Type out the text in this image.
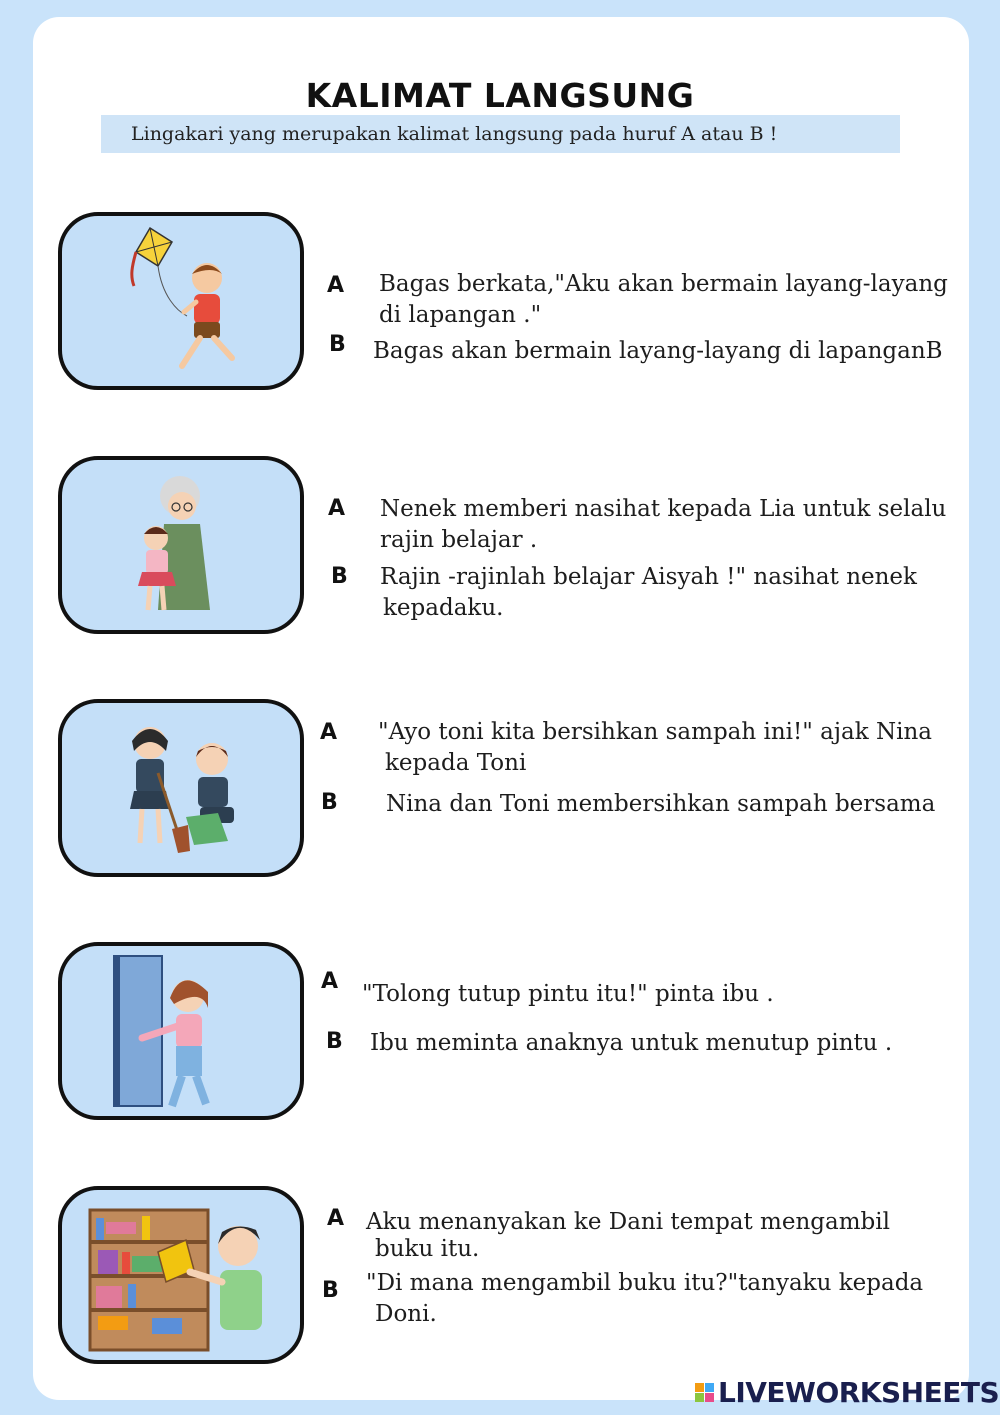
KALIMAT LANGSUNG
Lingakari yang merupakan kalimat langsung pada huruf A atau B !
A Bagas berkata,"Aku akan bermain layang-layang
di lapangan ."
B Bagas akan bermain layang-layang di lapanganB
A Nenek memberi nasihat kepada Lia untuk selalu
rajin belajar .
B Rajin -rajinlah belajar Aisyah !" nasihat nenek
kepadaku.
A "Ayo toni kita bersihkan sampah ini!" ajak Nina
kepada Toni
B Nina dan Toni membersihkan sampah bersama
A "Tolong tutup pintu itu!" pinta ibu .
B Ibu meminta anaknya untuk menutup pintu .
A Aku menanyakan ke Dani tempat mengambil
buku itu.
B "Di mana mengambil buku itu?"tanyaku kepada
Doni.
LIVEWORKSHEETS
